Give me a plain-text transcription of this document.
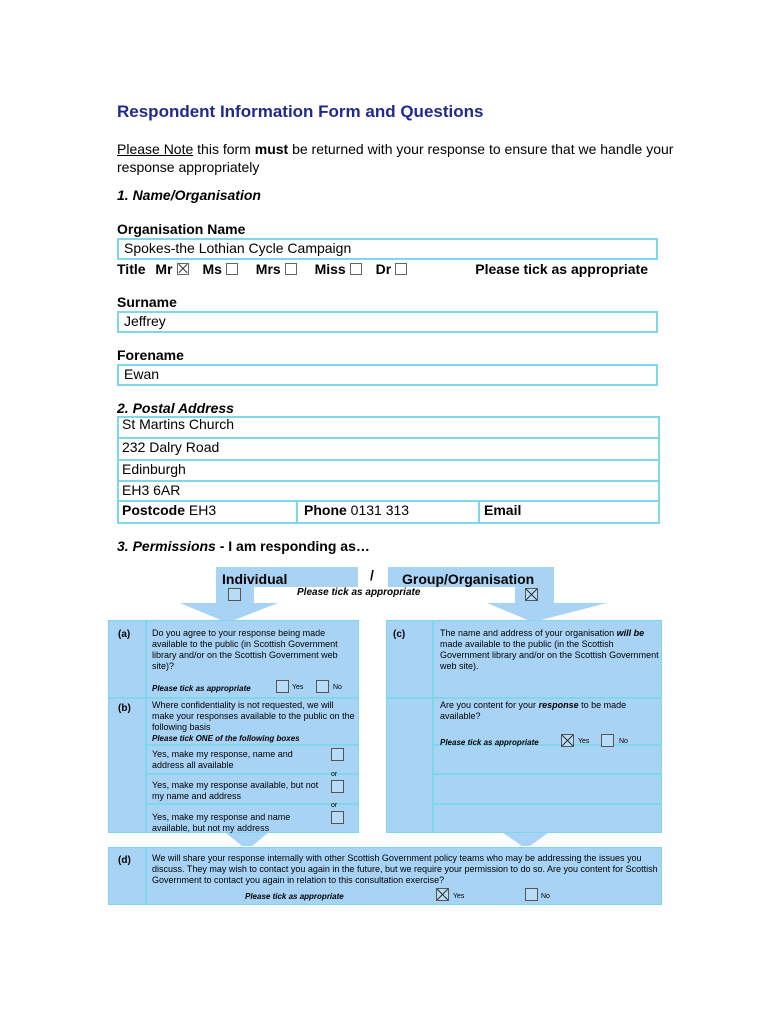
Respondent Information Form and Questions
Please Note this form must be returned with your response to ensure that we handle your response appropriately
1. Name/Organisation
Organisation Name
Spokes-the Lothian Cycle Campaign
Title Mr Ms Mrs Miss Dr	Please tick as appropriate
Surname
Jeffrey
Forename
Ewan
2. Postal Address
St Martins Church
232 Dalry Road
Edinburgh
EH3 6AR
Postcode EH3	Phone 0131 313	Email
3. Permissions - I am responding as…
Individual	/ Group/Organisation
Please tick as appropriate
(a) Do you agree to your response being made available to the public (in Scottish Government library and/or on the Scottish Government web site)?
Please tick as appropriate	Yes	No
(b) Where confidentiality is not requested, we will make your responses available to the public on the following basis
Please tick ONE of the following boxes
Yes, make my response, name and address all available
or
Yes, make my response available, but not my name and address
or
Yes, make my response and name available, but not my address
(c)	The name and address of your organisation will be made available to the public (in the Scottish Government library and/or on the Scottish Government web site).
Are you content for your response to be made available?
Please tick as appropriate	Yes	No
(d) We will share your response internally with other Scottish Government policy teams who may be addressing the issues you discuss. They may wish to contact you again in the future, but we require your permission to do so. Are you content for Scottish Government to contact you again in relation to this consultation exercise?
Please tick as appropriate	Yes	No
